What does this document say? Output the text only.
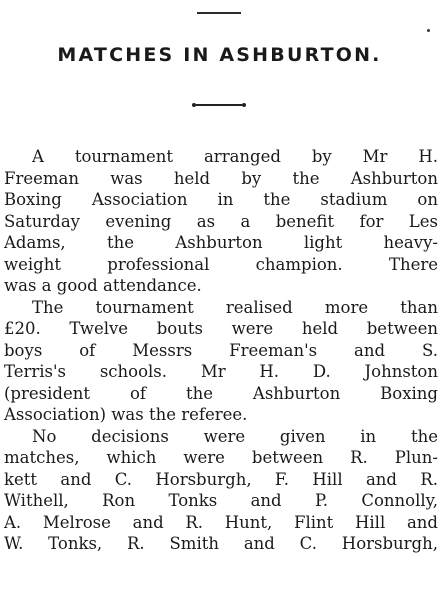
MATCHES IN ASHBURTON.
A tournament arranged by Mr H.
Freeman was held by the Ashburton
Boxing Association in the stadium on
Saturday evening as a benefit for Les
Adams, the Ashburton light heavy-
weight professional champion. There
was a good attendance.
The tournament realised more than
£20. Twelve bouts were held between
boys of Messrs Freeman's and S.
Terris's schools. Mr H. D. Johnston
(president of the Ashburton Boxing
Association) was the referee.
No decisions were given in the
matches, which were between R. Plun-
kett and C. Horsburgh, F. Hill and R.
Withell, Ron Tonks and P. Connolly,
A. Melrose and R. Hunt, Flint Hill and
W. Tonks, R. Smith and C. Horsburgh,
